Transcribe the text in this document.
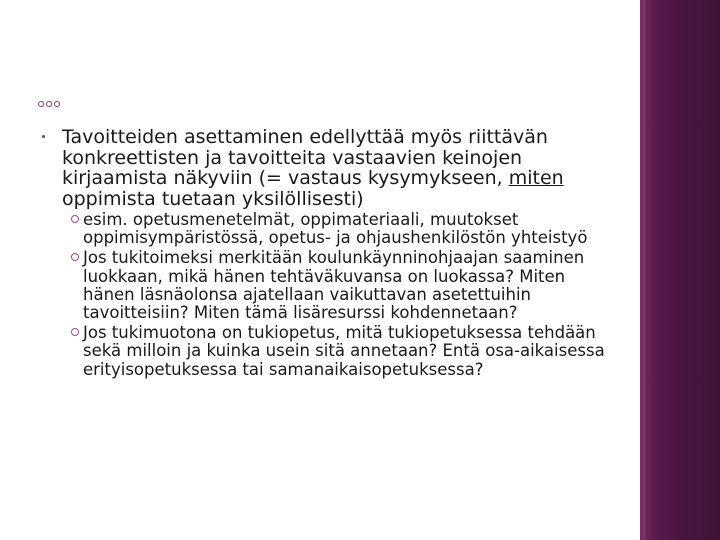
Tavoitteiden asettaminen edellyttää myös riittävän konkreettisten ja tavoitteita vastaavien keinojen kirjaamista näkyviin (= vastaus kysymykseen, miten oppimista tuetaan yksilöllisesti)
esim. opetusmenetelmät, oppimateriaali, muutokset oppimisympäristössä, opetus- ja ohjaushenkilöstön yhteistyö
Jos tukitoimeksi merkitään koulunkäynninohjaajan saaminen luokkaan, mikä hänen tehtäväkuvansa on luokassa? Miten hänen läsnäolonsa ajatellaan vaikuttavan asetettuihin tavoitteisiin? Miten tämä lisäresurssi kohdennetaan?
Jos tukimuotona on tukiopetus, mitä tukiopetuksessa tehdään sekä milloin ja kuinka usein sitä annetaan? Entä osa-aikaisessa erityisopetuksessa tai samanaikaisopetuksessa?
